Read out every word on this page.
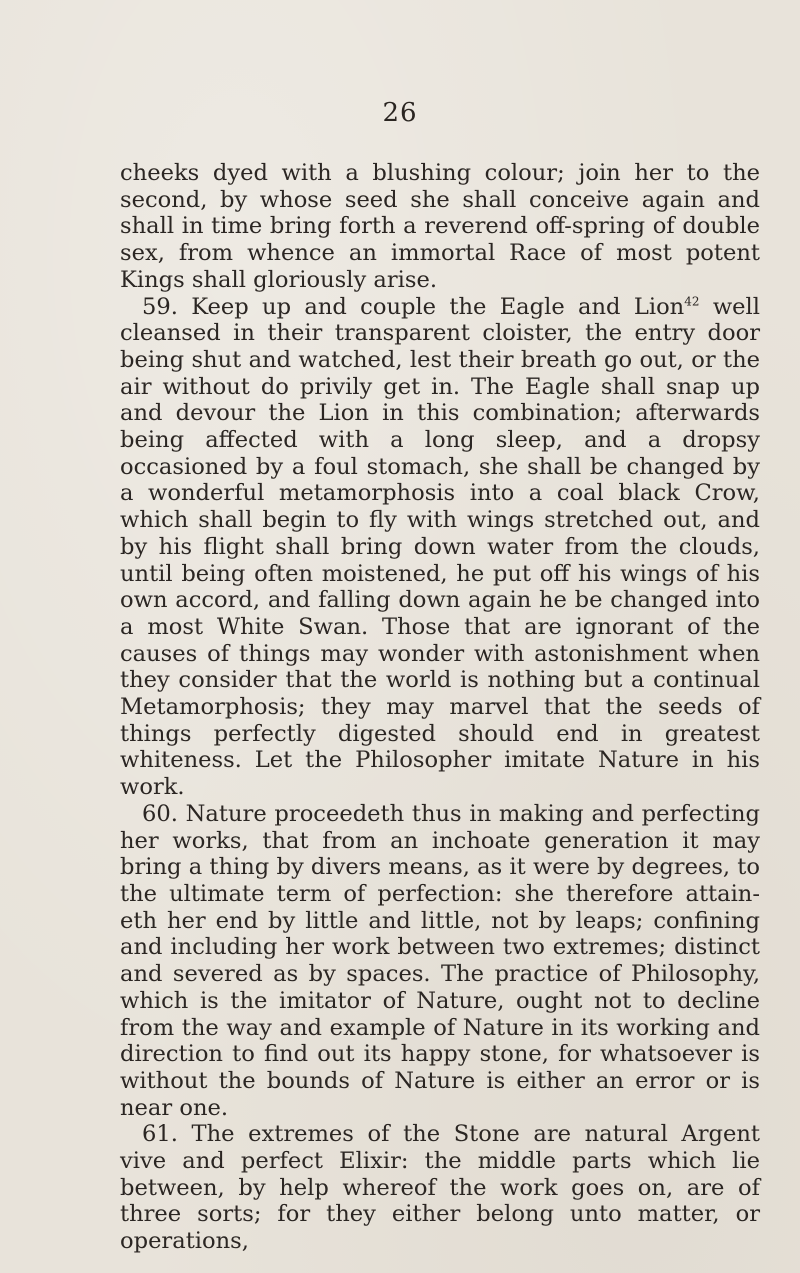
26

cheeks dyed with a blushing colour; join her to the second, by whose seed she shall conceive again and shall in time bring forth a reverend off-spring of double sex, from whence an immortal Race of most potent Kings shall gloriously arise.

59. Keep up and couple the Eagle and Lion$^{42}$ well cleansed in their transparent cloister, the entry door being shut and watched, lest their breath go out, or the air without do privily get in. The Eagle shall snap up and devour the Lion in this combination; afterwards being affected with a long sleep, and a dropsy occasioned by a foul stomach, she shall be changed by a wonderful metamorphosis into a coal black Crow, which shall begin to fly with wings stretched out, and by his flight shall bring down water from the clouds, until being often moistened, he put off his wings of his own accord, and falling down again he be changed into a most White Swan. Those that are ignorant of the causes of things may wonder with astonishment when they consider that the world is nothing but a continual Metamorphosis; they may marvel that the seeds of things perfectly digested should end in greatest whiteness. Let the Philosopher imitate Nature in his work.

60. Nature proceedeth thus in making and perfecting her works, that from an inchoate generation it may bring a thing by divers means, as it were by degrees, to the ultimate term of perfection: she therefore attain-eth her end by little and little, not by leaps; confining and including her work between two extremes; distinct and severed as by spaces. The practice of Philosophy, which is the imitator of Nature, ought not to decline from the way and example of Nature in its working and direction to find out its happy stone, for whatsoever is without the bounds of Nature is either an error or is near one.

61. The extremes of the Stone are natural Argent vive and perfect Elixir: the middle parts which lie between, by help whereof the work goes on, are of three sorts; for they either belong unto matter, or operations,
